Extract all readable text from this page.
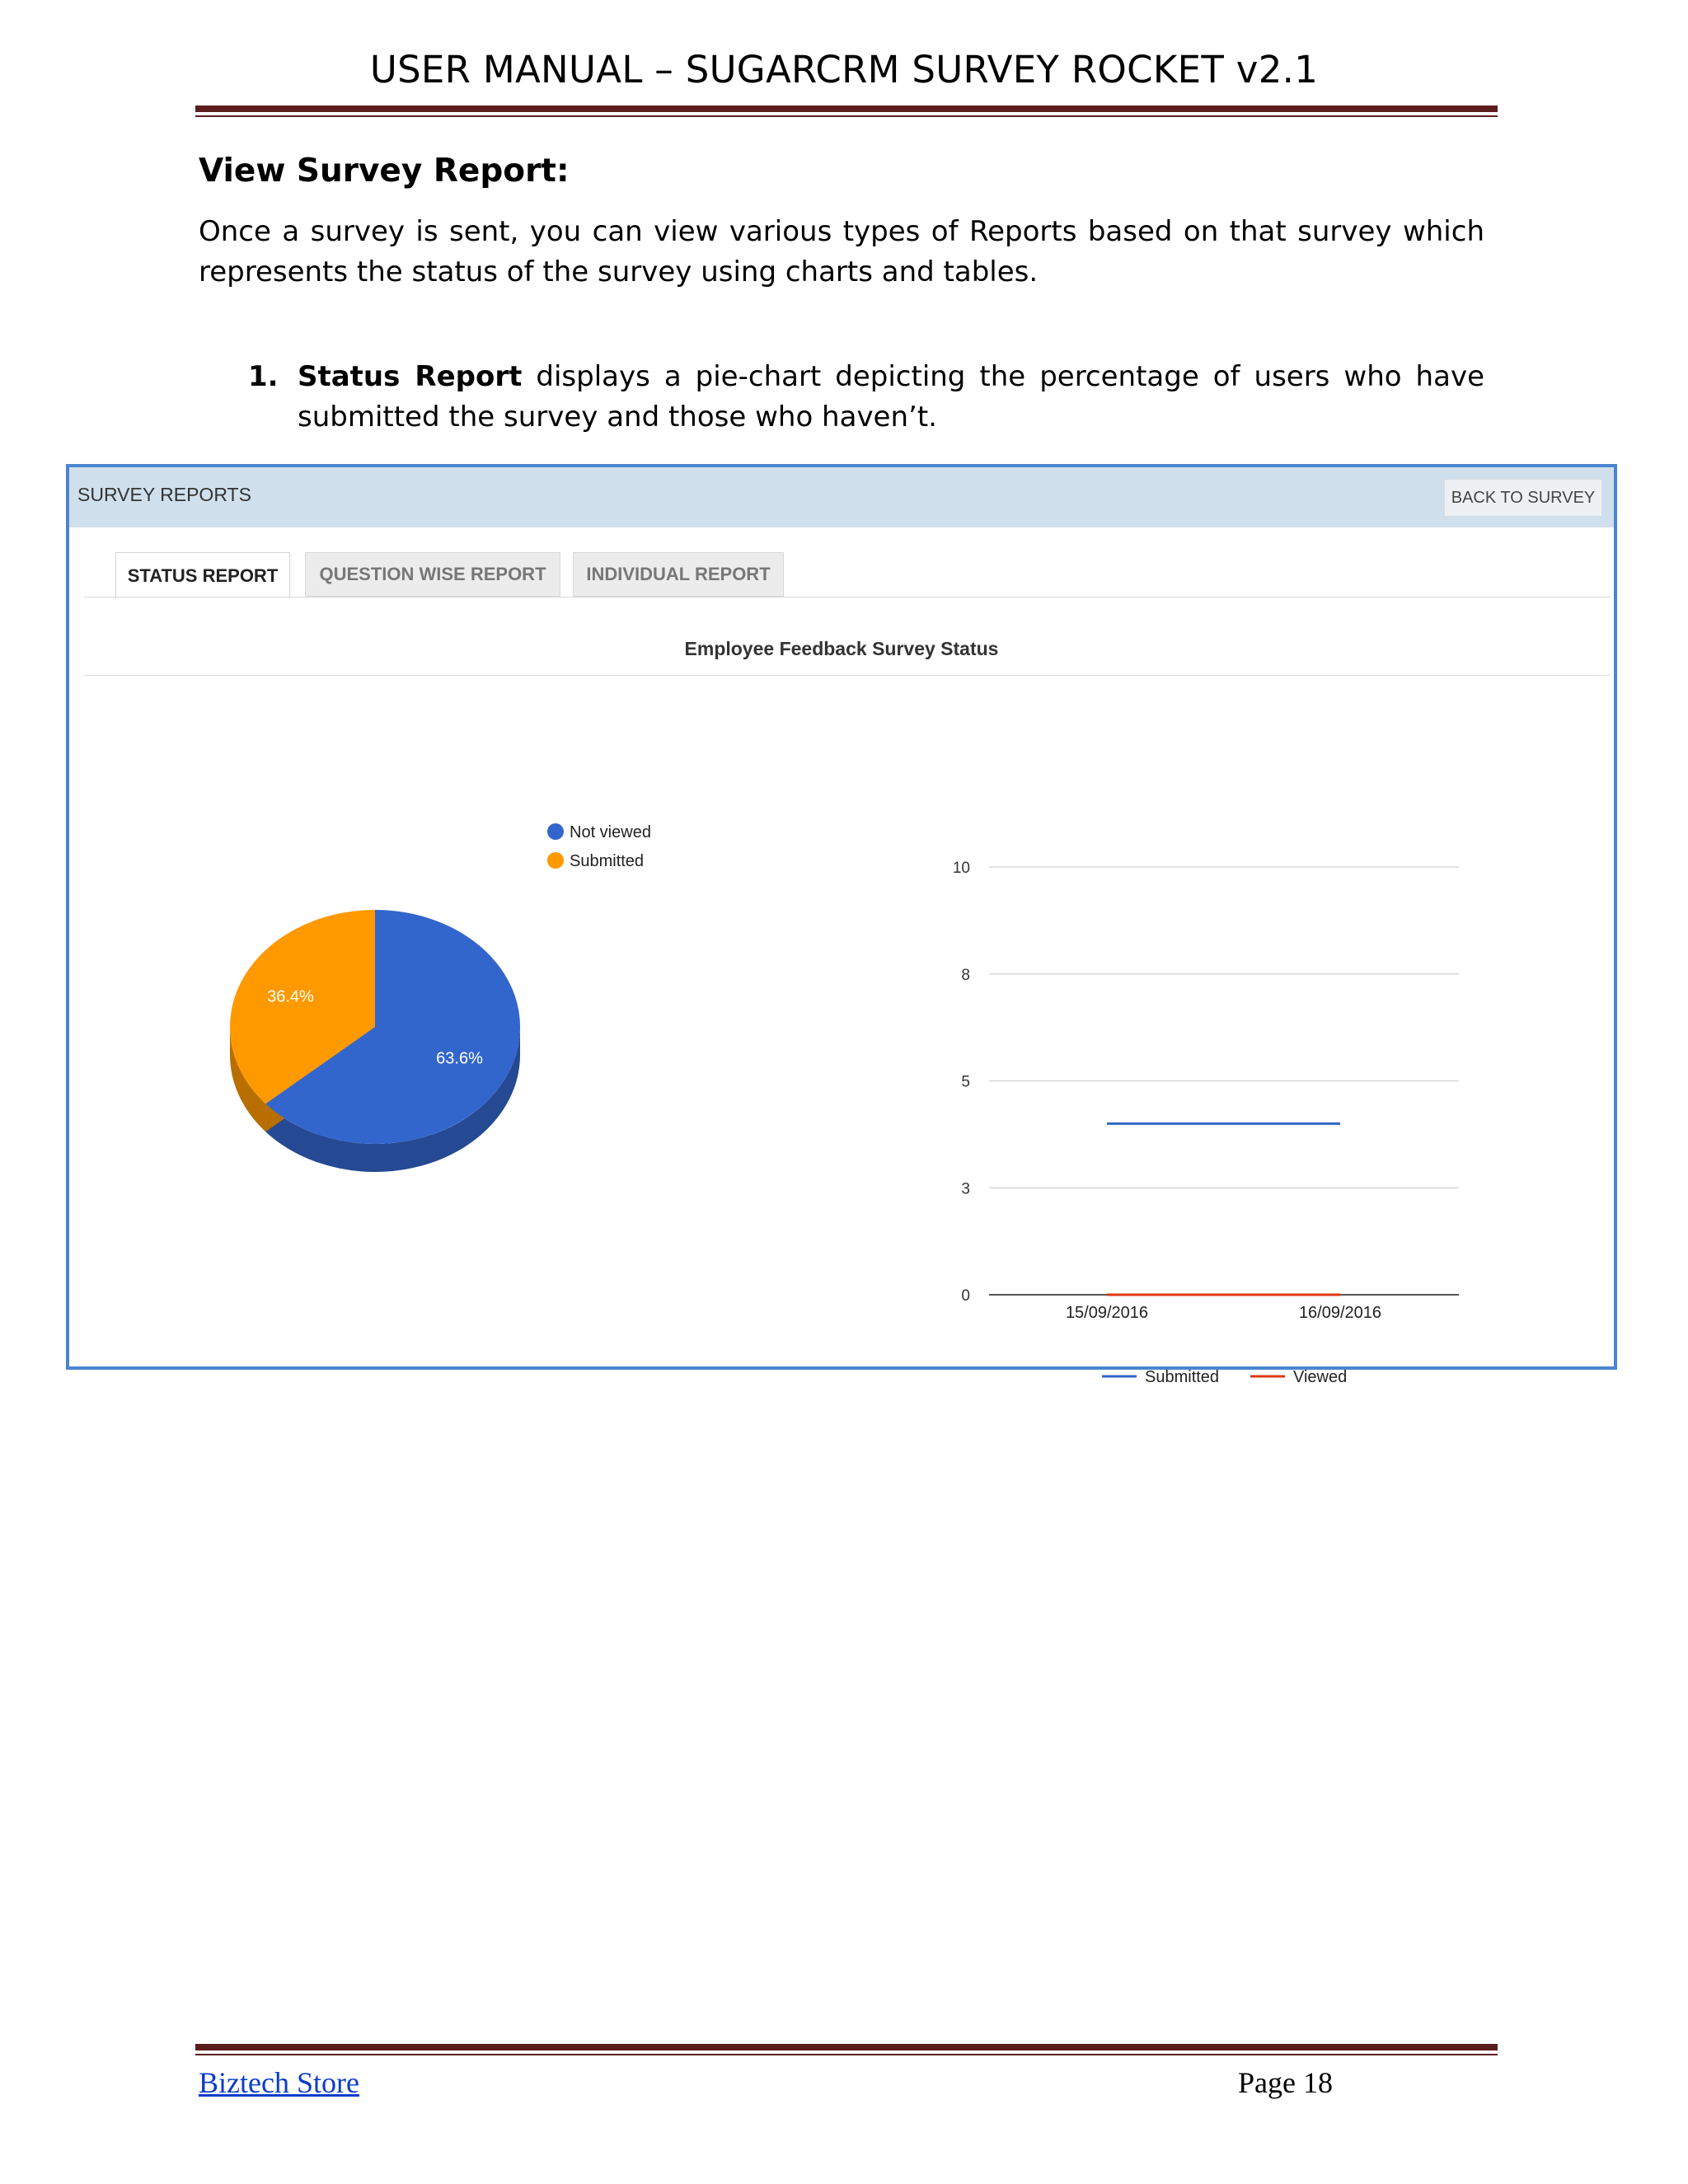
USER MANUAL – SUGARCRM SURVEY ROCKET v2.1
View Survey Report:
Once a survey is sent, you can view various types of Reports based on that survey which
represents the status of the survey using charts and tables.
1. Status Report displays a pie-chart depicting the percentage of users who have
submitted the survey and those who haven’t.
SURVEY REPORTS	BACK TO SURVEY
STATUS REPORT	QUESTION WISE REPORT	INDIVIDUAL REPORT
Employee Feedback Survey Status
63.6%
36.4%
Not viewed
Submitted	10
8
5
3
0
15/09/2016	16/09/2016
Submitted	Viewed
Biztech Store	Page 18
